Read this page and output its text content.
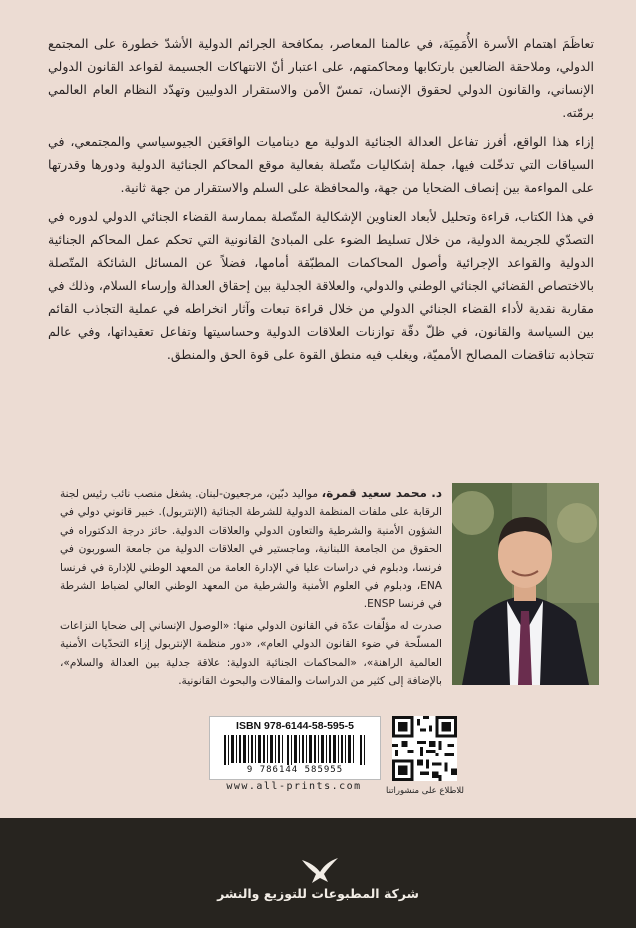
تعاظَمَ اهتمام الأسرة الأُمَمِيَة، في عالمنا المعاصر، بمكافحة الجرائم الدولية الأشدّ خطورة على المجتمع الدولي، وملاحقة الضالعين بارتكابها ومحاكمتهم، على اعتبار أنّ الانتهاكات الجسيمة لقواعد القانون الدولي الإنساني، والقانون الدولي لحقوق الإنسان، تمسّ الأمن والاستقرار الدوليين وتهدّد النظام العام العالمي برمّته.

إزاء هذا الواقع، أفرز تفاعل العدالة الجنائية الدولية مع ديناميات الواقعَين الجيوسياسي والمجتمعي، في السياقات التي تدخّلت فيها، جملة إشكاليات متّصلة بفعالية موقع المحاكم الجنائية الدولية ودورها وقدرتها على المواءمة بين إنصاف الضحايا من جهة، والمحافظة على السلم والاستقرار من جهة ثانية.

في هذا الكتاب، قراءة وتحليل لأبعاد العناوين الإشكالية المتّصلة بممارسة القضاء الجنائي الدولي لدوره في التصدّي للجريمة الدولية، من خلال تسليط الضوء على المبادئ القانونية التي تحكم عمل المحاكم الجنائية الدولية والقواعد الإجرائية وأصول المحاكمات المطبّقة أمامها، فضلاً عن المسائل الشائكة المتّصلة بالاختصاص القضائي الجنائي الوطني والدولي، والعلاقة الجدلية بين إحقاق العدالة وإرساء السلام، وذلك في مقاربة نقدية لأداء القضاء الجنائي الدولي من خلال قراءة تبعات وآثار انخراطه في عملية التجاذب القائم بين السياسة والقانون، في ظلّ دقّة توازنات العلاقات الدولية وحساسيتها وتفاعل تعقيداتها، وفي عالم تتجاذبه تناقضات المصالح الأمميّة، ويغلب فيه منطق القوة على قوة الحق والمنطق.

د. محمد سعيد قمرة، مواليد دبّين، مرجعيون-لبنان. يشغل منصب نائب رئيس لجنة الرقابة على ملفات المنظمة الدولية للشرطة الجنائية (الإنتربول). خبير قانوني دولي في الشؤون الأمنية والشرطية والتعاون الدولي والعلاقات الدولية. حائز درجة الدكتوراه في الحقوق من الجامعة اللبنانية، وماجستير في العلاقات الدولية من جامعة السوربون في فرنسا، ودبلوم في دراسات عليا في الإدارة العامة من المعهد الوطني للإدارة في فرنسا ENA، ودبلوم في العلوم الأمنية والشرطية من المعهد الوطني العالي لضباط الشرطة في فرنسا ENSP.

صدرت له مؤلّفات عدّة في القانون الدولي منها: «الوصول الإنساني إلى ضحايا النزاعات المسلّحة في ضوء القانون الدولي العام»، «دور منظمة الإنتربول إزاء التحدّيات الأمنية العالمية الراهنة»، «المحاكمات الجنائية الدولية: علاقة جدلية بين العدالة والسلام»، بالإضافة إلى كثير من الدراسات والمقالات والبحوث القانونية.

ISBN 978-6144-58-595-5
9 786144 585955
www.all-prints.com	للاطلاع على منشوراتنا
شركة المطبوعات للتوزيع والنشر
